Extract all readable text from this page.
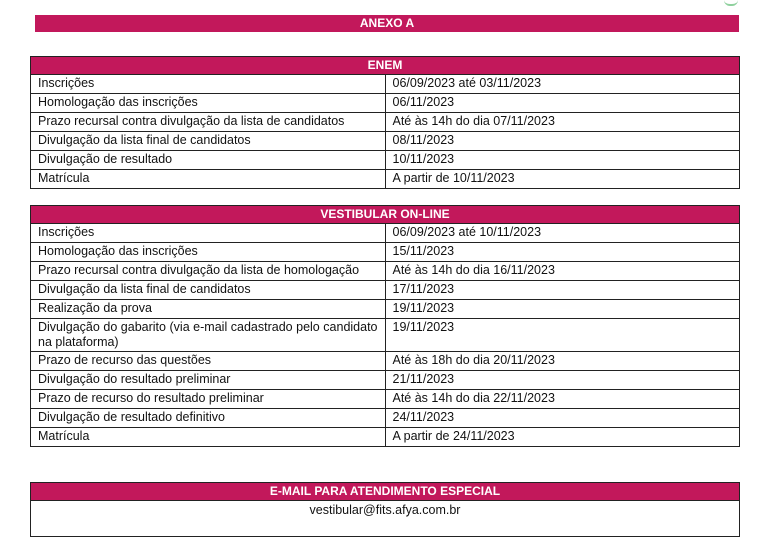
ANEXO A
ENEM	
Inscrições	06/09/2023 até 03/11/2023
Homologação das inscrições	06/11/2023
Prazo recursal contra divulgação da lista de candidatos	Até às 14h do dia 07/11/2023
Divulgação da lista final de candidatos	08/11/2023
Divulgação de resultado	10/11/2023
Matrícula	A partir de 10/11/2023
VESTIBULAR ON-LINE	
Inscrições	06/09/2023 até 10/11/2023
Homologação das inscrições	15/11/2023
Prazo recursal contra divulgação da lista de homologação	Até às 14h do dia 16/11/2023
Divulgação da lista final de candidatos	17/11/2023
Realização da prova	19/11/2023
Divulgação do gabarito (via e-mail cadastrado pelo candidato na plataforma)	19/11/2023
Prazo de recurso das questões	Até às 18h do dia 20/11/2023
Divulgação do resultado preliminar	21/11/2023
Prazo de recurso do resultado preliminar	Até às 14h do dia 22/11/2023
Divulgação de resultado definitivo	24/11/2023
Matrícula	A partir de 24/11/2023
E-MAIL PARA ATENDIMENTO ESPECIAL
vestibular@fits.afya.com.br
